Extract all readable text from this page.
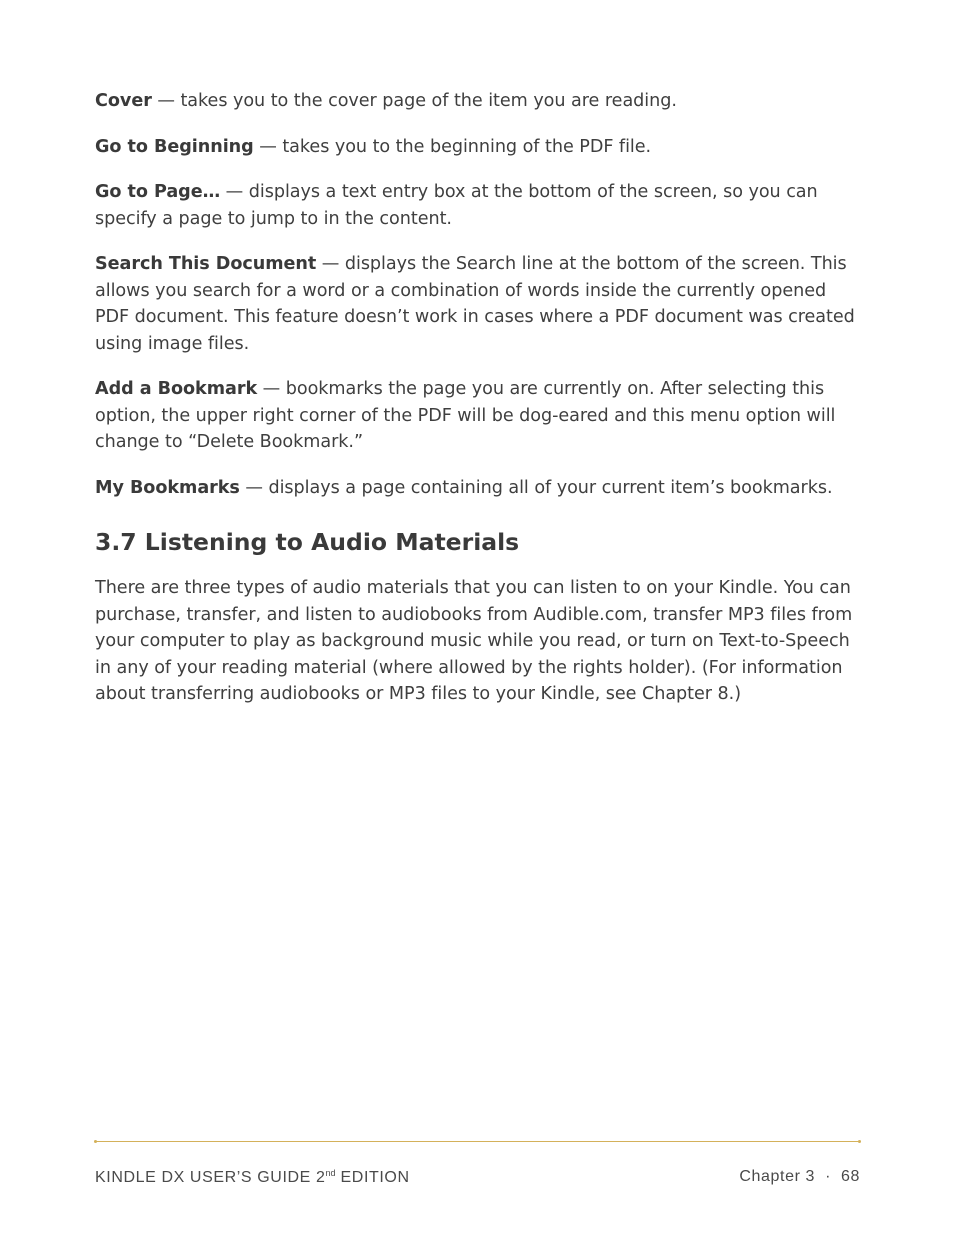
Cover — takes you to the cover page of the item you are reading.

Go to Beginning — takes you to the beginning of the PDF file.

Go to Page… — displays a text entry box at the bottom of the screen, so you can specify a page to jump to in the content.

Search This Document — displays the Search line at the bottom of the screen. This allows you search for a word or a combination of words inside the currently opened PDF document. This feature doesn’t work in cases where a PDF document was created using image files.

Add a Bookmark — bookmarks the page you are currently on. After selecting this option, the upper right corner of the PDF will be dog-eared and this menu option will change to “Delete Bookmark.”

My Bookmarks — displays a page containing all of your current item’s bookmarks.

3.7 Listening to Audio Materials

There are three types of audio materials that you can listen to on your Kindle. You can purchase, transfer, and listen to audiobooks from Audible.com, transfer MP3 files from your computer to play as background music while you read, or turn on Text-to-Speech in any of your reading material (where allowed by the rights holder). (For information about transferring audiobooks or MP3 files to your Kindle, see Chapter 8.)

KINDLE DX USER’S GUIDE 2nd EDITION	Chapter 3 · 68
